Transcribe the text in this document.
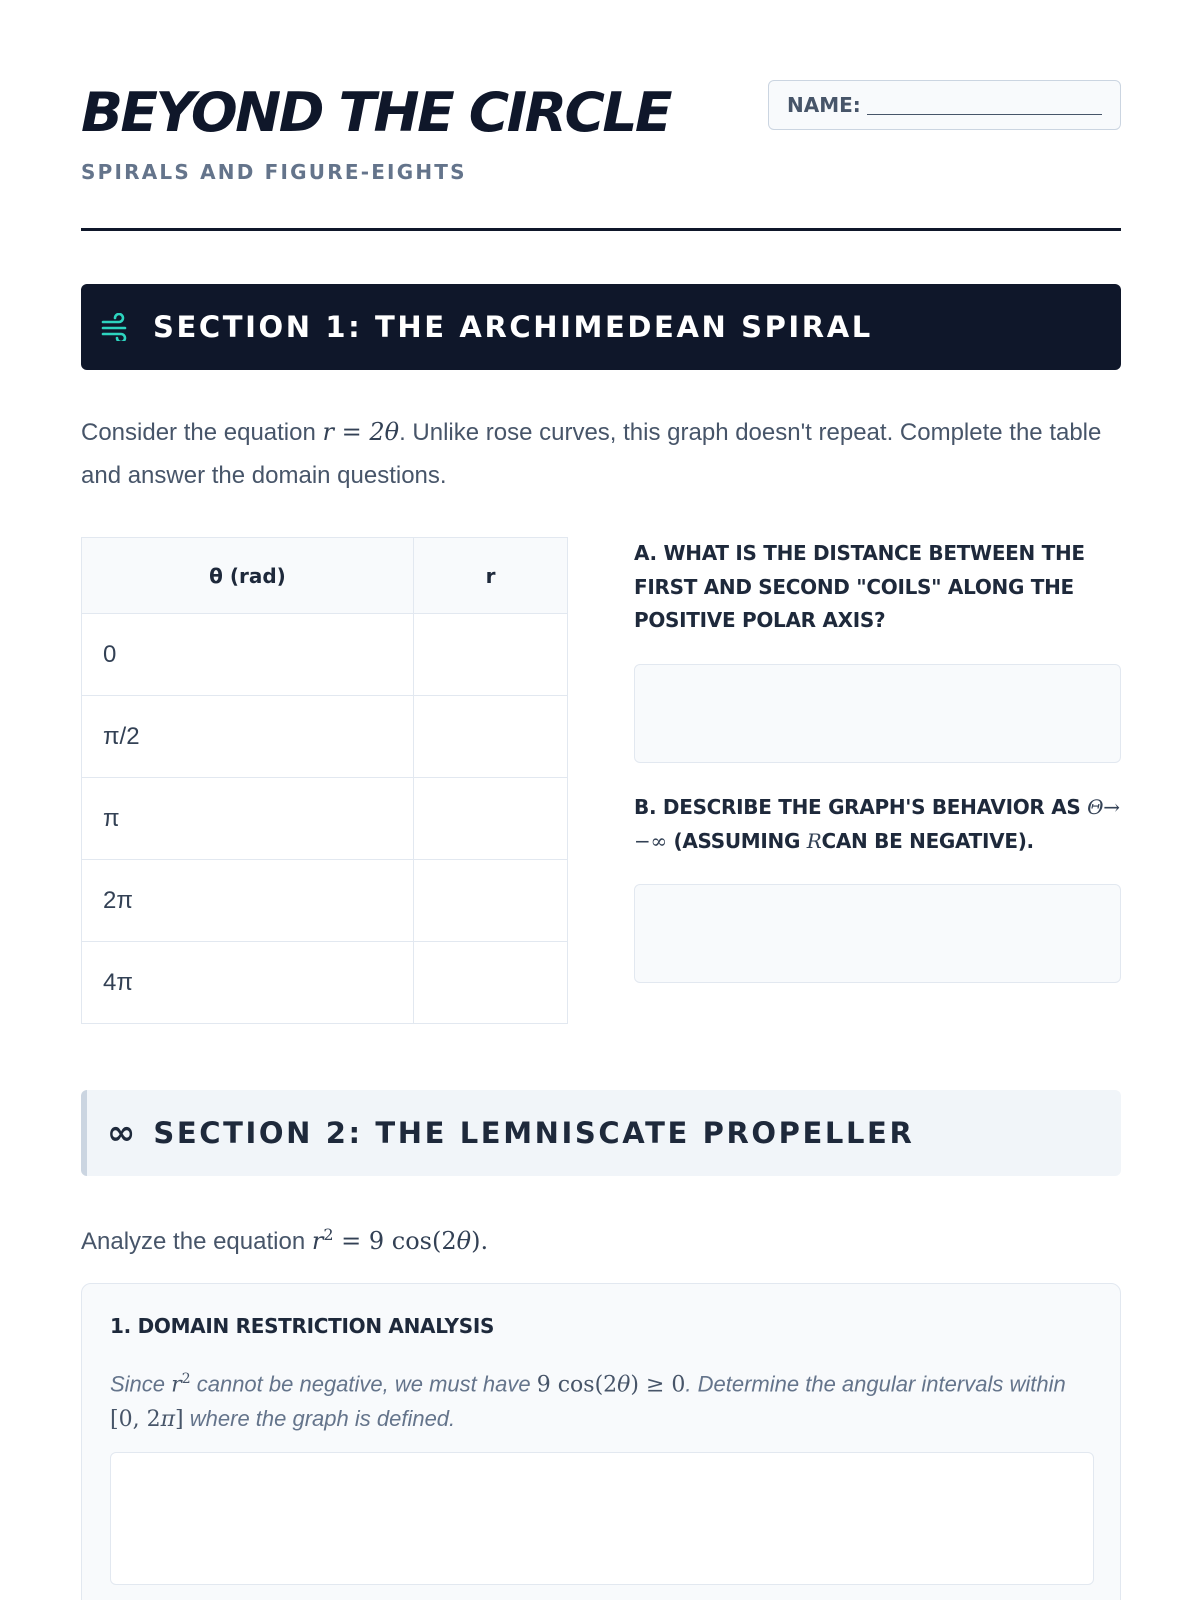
BEYOND THE CIRCLE
SPIRALS AND FIGURE-EIGHTS
NAME:
SECTION 1: THE ARCHIMEDEAN SPIRAL

Consider the equation r = 2θ. Unlike rose curves, this graph doesn't repeat. Complete the table and answer the domain questions.

θ (rad)	r
0	
π/2	
π	
2π	
4π	
A. WHAT IS THE DISTANCE BETWEEN THE FIRST AND SECOND "COILS" ALONG THE POSITIVE POLAR AXIS?
B. DESCRIBE THE GRAPH'S BEHAVIOR AS Θ→ −∞ (ASSUMING RCAN BE NEGATIVE).
∞ SECTION 2: THE LEMNISCATE PROPELLER

Analyze the equation $r^2 = 9$ cos(2θ).

1. DOMAIN RESTRICTION ANALYSIS

Since $r^2$ cannot be negative, we must have 9 cos(2θ) ≥ 0. Determine the angular intervals within [0, 2π] where the graph is defined.
